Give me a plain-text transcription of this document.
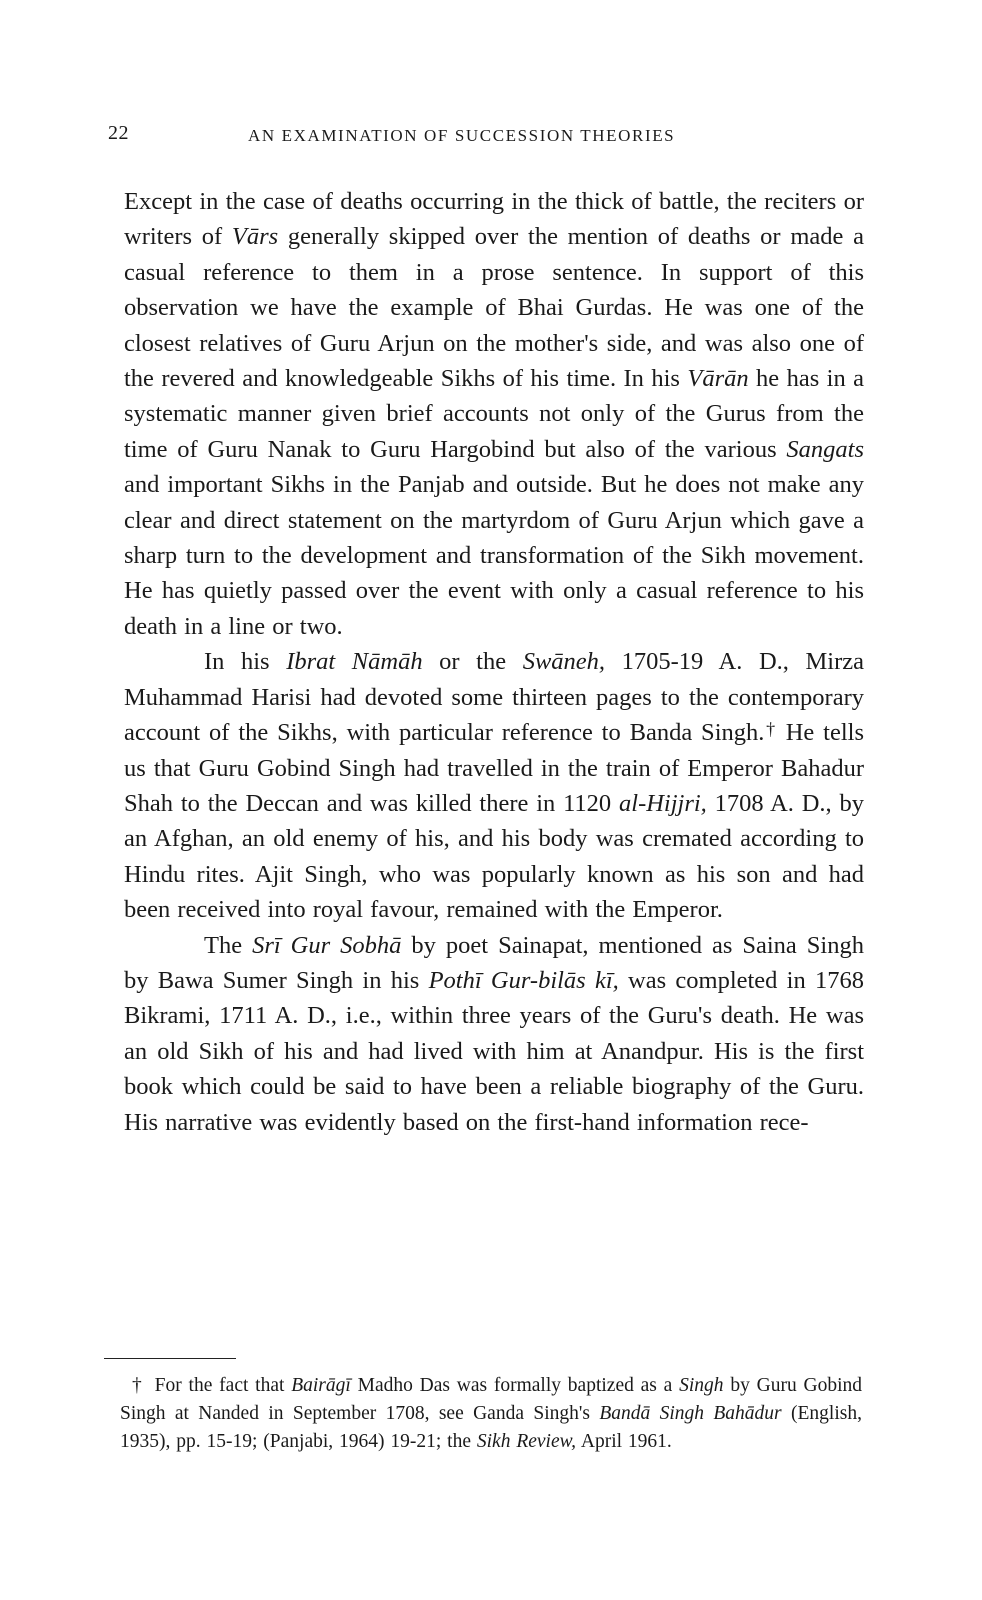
22	AN EXAMINATION OF SUCCESSION THEORIES

Except in the case of deaths occurring in the thick of battle, the reciters or writers of Vārs generally skipped over the mention of deaths or made a casual reference to them in a prose sentence. In support of this observation we have the example of Bhai Gurdas. He was one of the closest relatives of Guru Arjun on the mother's side, and was also one of the revered and knowledgeable Sikhs of his time. In his Vārān he has in a systematic manner given brief accounts not only of the Gurus from the time of Guru Nanak to Guru Hargobind but also of the various Sangats and important Sikhs in the Panjab and outside. But he does not make any clear and direct statement on the martyrdom of Guru Arjun which gave a sharp turn to the development and transformation of the Sikh movement. He has quietly passed over the event with only a casual reference to his death in a line or two.

In his Ibrat Nāmāh or the Swāneh, 1705-19 A. D., Mirza Muhammad Harisi had devoted some thirteen pages to the contemporary account of the Sikhs, with particular reference to Banda Singh.† He tells us that Guru Gobind Singh had travelled in the train of Emperor Bahadur Shah to the Deccan and was killed there in 1120 al-Hijjri, 1708 A. D., by an Afghan, an old enemy of his, and his body was cremated according to Hindu rites. Ajit Singh, who was popularly known as his son and had been received into royal favour, remained with the Emperor.

The Srī Gur Sobhā by poet Sainapat, mentioned as Saina Singh by Bawa Sumer Singh in his Pothī Gur-bilās kī, was completed in 1768 Bikrami, 1711 A. D., i.e., within three years of the Guru's death. He was an old Sikh of his and had lived with him at Anandpur. His is the first book which could be said to have been a reliable biography of the Guru. His narrative was evidently based on the first-hand information rece-

† For the fact that Bairāgī Madho Das was formally baptized as a Singh by Guru Gobind Singh at Nanded in September 1708, see Ganda Singh's Bandā Singh Bahādur (English, 1935), pp. 15-19; (Panjabi, 1964) 19-21; the Sikh Review, April 1961.
